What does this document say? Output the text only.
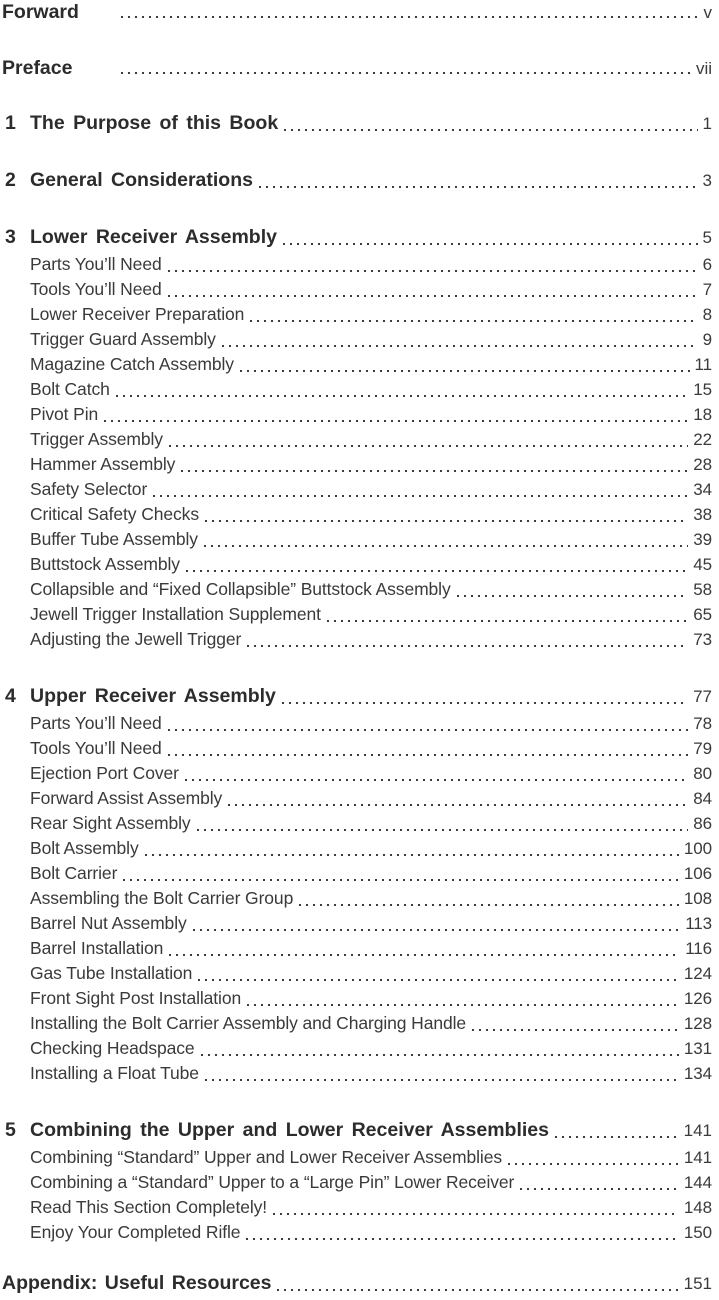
Forward	v
Preface	vii
1 The Purpose of this Book	1
2 General Considerations	3
3 Lower Receiver Assembly	5
Parts You’ll Need	6
Tools You’ll Need	7
Lower Receiver Preparation	8
Trigger Guard Assembly	9
Magazine Catch Assembly	11
Bolt Catch	15
Pivot Pin	18
Trigger Assembly	22
Hammer Assembly	28
Safety Selector	34
Critical Safety Checks	38
Buffer Tube Assembly	39
Buttstock Assembly	45
Collapsible and “Fixed Collapsible” Buttstock Assembly	58
Jewell Trigger Installation Supplement	65
Adjusting the Jewell Trigger	73
4 Upper Receiver Assembly	77
Parts You’ll Need	78
Tools You’ll Need	79
Ejection Port Cover	80
Forward Assist Assembly	84
Rear Sight Assembly	86
Bolt Assembly	100
Bolt Carrier	106
Assembling the Bolt Carrier Group	108
Barrel Nut Assembly	113
Barrel Installation	116
Gas Tube Installation	124
Front Sight Post Installation	126
Installing the Bolt Carrier Assembly and Charging Handle	128
Checking Headspace	131
Installing a Float Tube	134
5 Combining the Upper and Lower Receiver Assemblies	141
Combining “Standard” Upper and Lower Receiver Assemblies	141
Combining a “Standard” Upper to a “Large Pin” Lower Receiver	144
Read This Section Completely!	148
Enjoy Your Completed Rifle	150
Appendix: Useful Resources	151
